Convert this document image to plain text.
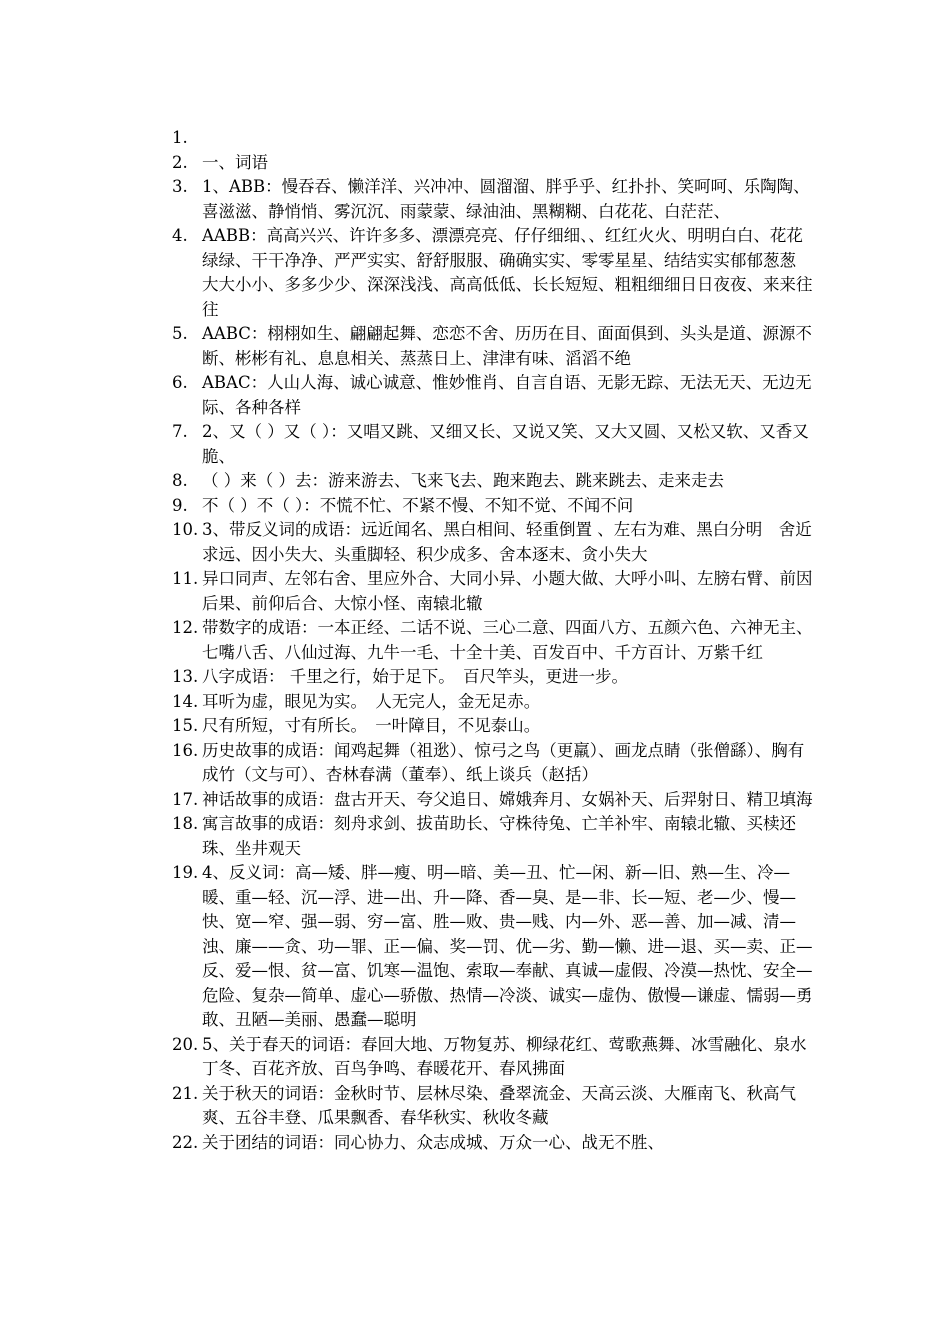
1.
2. 一、词语
3. 1、ABB：慢吞吞、懒洋洋、兴冲冲、圆溜溜、胖乎乎、红扑扑、笑呵呵、乐陶陶、喜滋滋、静悄悄、雾沉沉、雨蒙蒙、绿油油、黑糊糊、白花花、白茫茫、
4. AABB：高高兴兴、许许多多、漂漂亮亮、仔仔细细、、红红火火、明明白白、花花绿绿、干干净净、严严实实、舒舒服服、确确实实、零零星星、结结实实郁郁葱葱　大大小小、多多少少、深深浅浅、高高低低、长长短短、粗粗细细日日夜夜、来来往往
5. AABC：栩栩如生、翩翩起舞、恋恋不舍、历历在目、面面俱到、头头是道、源源不断、彬彬有礼、息息相关、蒸蒸日上、津津有味、滔滔不绝
6. ABAC：人山人海、诚心诚意、惟妙惟肖、自言自语、无影无踪、无法无天、无边无际、各种各样
7. 2、又（ ）又（ ）：又唱又跳、又细又长、又说又笑、又大又圆、又松又软、又香又脆、
8. （ ）来（ ）去：游来游去、飞来飞去、跑来跑去、跳来跳去、走来走去
9. 不（ ）不（ ）：不慌不忙、不紧不慢、不知不觉、不闻不问
10. 3、带反义词的成语：远近闻名、黑白相间、轻重倒置 、左右为难、黑白分明　舍近求远、因小失大、头重脚轻、积少成多、舍本逐末、贪小失大
11. 异口同声、左邻右舍、里应外合、大同小异、小题大做、大呼小叫、左膀右臂、前因后果、前仰后合、大惊小怪、南辕北辙
12. 带数字的成语：一本正经、二话不说、三心二意、四面八方、五颜六色、六神无主、七嘴八舌、八仙过海、九牛一毛、十全十美、百发百中、千方百计、万紫千红
13. 八字成语： 千里之行，始于足下。　百尺竿头，更进一步。
14. 耳听为虚，眼见为实。　人无完人，金无足赤。
15. 尺有所短，寸有所长。　一叶障目，不见泰山。
16. 历史故事的成语：闻鸡起舞（祖逖）、惊弓之鸟（更羸）、画龙点睛（张僧繇）、胸有成竹（文与可）、杏林春满（董奉）、纸上谈兵（赵括）
17. 神话故事的成语：盘古开天、夸父追日、嫦娥奔月、女娲补天、后羿射日、精卫填海
18. 寓言故事的成语：刻舟求剑、拔苗助长、守株待兔、亡羊补牢、南辕北辙、买椟还珠、坐井观天
19. 4、反义词：高—矮、胖—瘦、明—暗、美—丑、忙—闲、新—旧、熟—生、冷—暖、重—轻、沉—浮、进—出、升—降、香—臭、是—非、长—短、老—少、慢—快、宽—窄、强—弱、穷—富、胜—败、贵—贱、内—外、恶—善、加—减、清—浊、廉——贪、功—罪、正—偏、奖—罚、优—劣、勤—懒、进—退、买—卖、正—反、爱—恨、贫—富、饥寒—温饱、索取—奉献、真诚—虚假、冷漠—热忱、安全—危险、复杂—简单、虚心—骄傲、热情—冷淡、诚实—虚伪、傲慢—谦虚、懦弱—勇敢、丑陋—美丽、愚蠢—聪明
20. 5、关于春天的词语：春回大地、万物复苏、柳绿花红、莺歌燕舞、冰雪融化、泉水丁冬、百花齐放、百鸟争鸣、春暖花开、春风拂面
21. 关于秋天的词语：金秋时节、层林尽染、叠翠流金、天高云淡、大雁南飞、秋高气爽、五谷丰登、瓜果飘香、春华秋实、秋收冬藏
22. 关于团结的词语：同心协力、众志成城、万众一心、战无不胜、
